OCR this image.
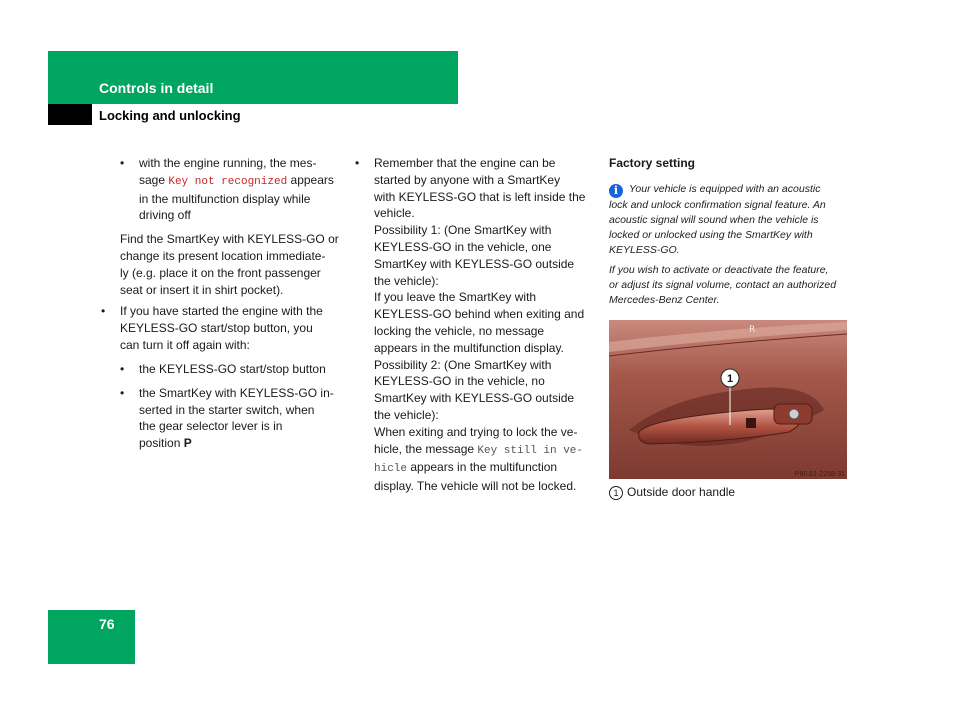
Controls in detail
Locking and unlocking
• with the engine running, the mes-

sage Key not recognized appears

in the multifunction display while

driving off

Find the SmartKey with KEYLESS-GO or

change its present location immediate-

ly (e.g. place it on the front passenger

seat or insert it in shirt pocket).

• If you have started the engine with the

KEYLESS-GO start/stop button, you

can turn it off again with:

• the KEYLESS-GO start/stop button

• the SmartKey with KEYLESS-GO in-

serted in the starter switch, when

the gear selector lever is in

position P

• Remember that the engine can be

started by anyone with a SmartKey

with KEYLESS-GO that is left inside the

vehicle.

Possibility 1: (One SmartKey with

KEYLESS-GO in the vehicle, one

SmartKey with KEYLESS-GO outside

the vehicle):

If you leave the SmartKey with

KEYLESS-GO behind when exiting and

locking the vehicle, no message

appears in the multifunction display.

Possibility 2: (One SmartKey with

KEYLESS-GO in the vehicle, no

SmartKey with KEYLESS-GO outside

the vehicle):

When exiting and trying to lock the ve-

hicle, the message Key still in ve-

hicle appears in the multifunction

display. The vehicle will not be locked.

Factory setting

i Your vehicle is equipped with an acoustic

lock and unlock confirmation signal feature. An

acoustic signal will sound when the vehicle is

locked or unlocked using the SmartKey with

KEYLESS-GO.

If you wish to activate or deactivate the feature,

or adjust its signal volume, contact an authorized

Mercedes-Benz Center.

1
R
P80.61-2258-31
1 Outside door handle
76
